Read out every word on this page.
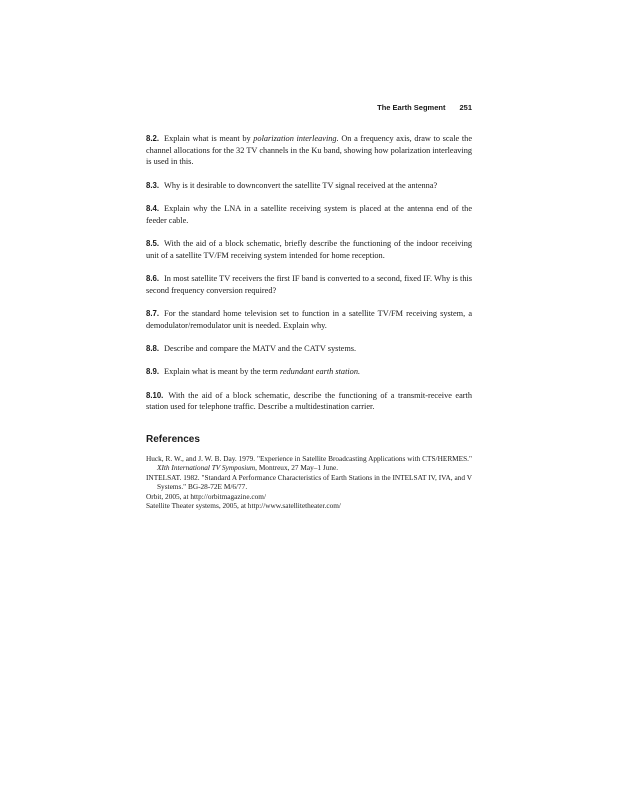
The Earth Segment 251

8.2. Explain what is meant by polarization interleaving. On a frequency axis, draw to scale the channel allocations for the 32 TV channels in the Ku band, showing how polarization interleaving is used in this.

8.3. Why is it desirable to downconvert the satellite TV signal received at the antenna?

8.4. Explain why the LNA in a satellite receiving system is placed at the antenna end of the feeder cable.

8.5. With the aid of a block schematic, briefly describe the functioning of the indoor receiving unit of a satellite TV/FM receiving system intended for home reception.

8.6. In most satellite TV receivers the first IF band is converted to a second, fixed IF. Why is this second frequency conversion required?

8.7. For the standard home television set to function in a satellite TV/FM receiving system, a demodulator/remodulator unit is needed. Explain why.

8.8. Describe and compare the MATV and the CATV systems.

8.9. Explain what is meant by the term redundant earth station.

8.10. With the aid of a block schematic, describe the functioning of a transmit-receive earth station used for telephone traffic. Describe a multidestination carrier.

References

Huck, R. W., and J. W. B. Day. 1979. "Experience in Satellite Broadcasting Applications with CTS/HERMES." XIth International TV Symposium, Montreux, 27 May–1 June.

INTELSAT. 1982. "Standard A Performance Characteristics of Earth Stations in the INTELSAT IV, IVA, and V Systems." BG-28-72E M/6/77.

Orbit, 2005, at http://orbitmagazine.com/

Satellite Theater systems, 2005, at http://www.satellitetheater.com/
